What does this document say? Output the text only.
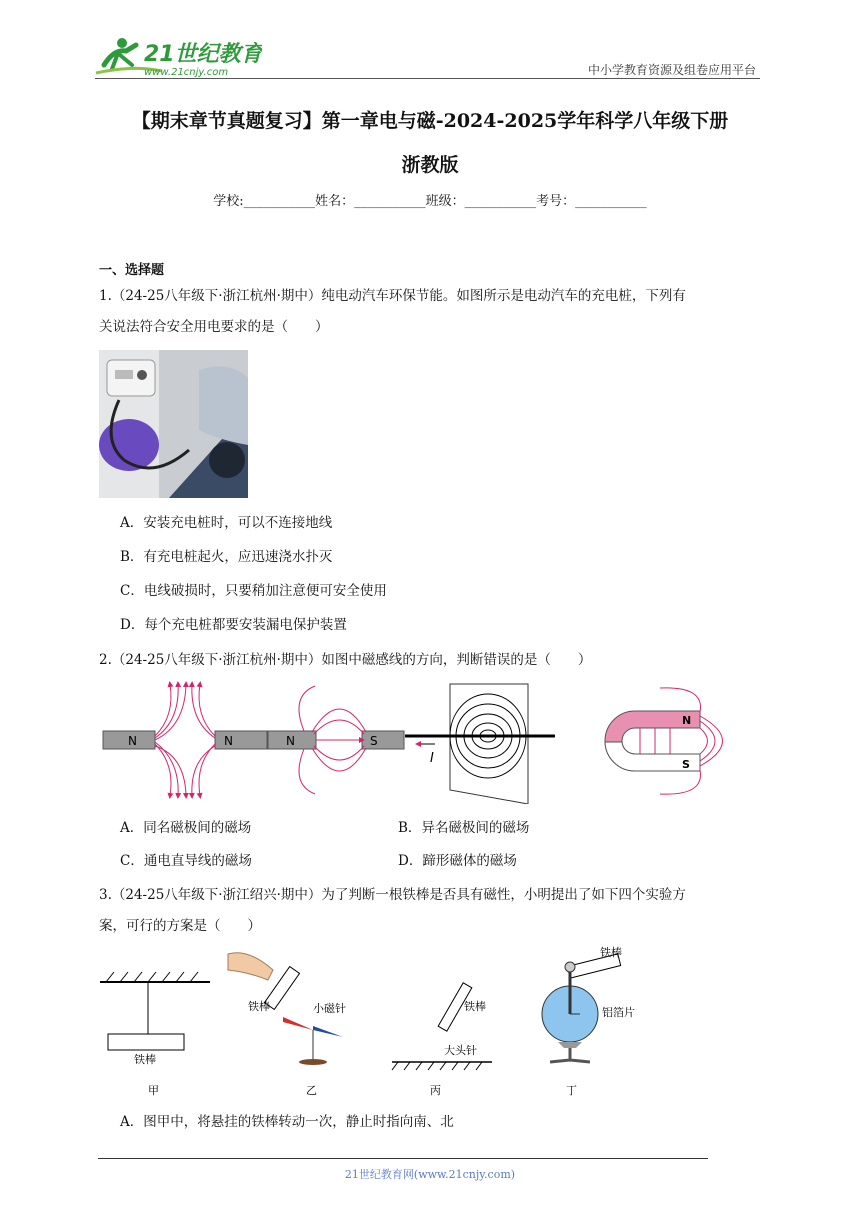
21世纪教育
www.21cnjy.com	中小学教育资源及组卷应用平台
【期末章节真题复习】第一章电与磁-2024-2025学年科学八年级下册
浙教版
学校:___________姓名：___________班级：___________考号：___________
一、选择题
1.（24-25八年级下·浙江杭州·期中）纯电动汽车环保节能。如图所示是电动汽车的充电桩，下列有
关说法符合安全用电要求的是（　　）
A．安装充电桩时，可以不连接地线
B．有充电桩起火，应迅速浇水扑灭
C．电线破损时，只要稍加注意便可安全使用
D．每个充电桩都要安装漏电保护装置
2.（24-25八年级下·浙江杭州·期中）如图中磁感线的方向，判断错误的是（　　）
N	N	N	S
I
N
S
A．同名磁极间的磁场	B．异名磁极间的磁场
C．通电直导线的磁场	D．蹄形磁体的磁场
3.（24-25八年级下·浙江绍兴·期中）为了判断一根铁棒是否具有磁性，小明提出了如下四个实验方
案，可行的方案是（　　）
铁棒
甲
铁棒	小磁针
乙
铁棒
大头针
丙
铁棒
铝箔片
丁
A．图甲中，将悬挂的铁棒转动一次，静止时指向南、北
21世纪教育网(www.21cnjy.com)
